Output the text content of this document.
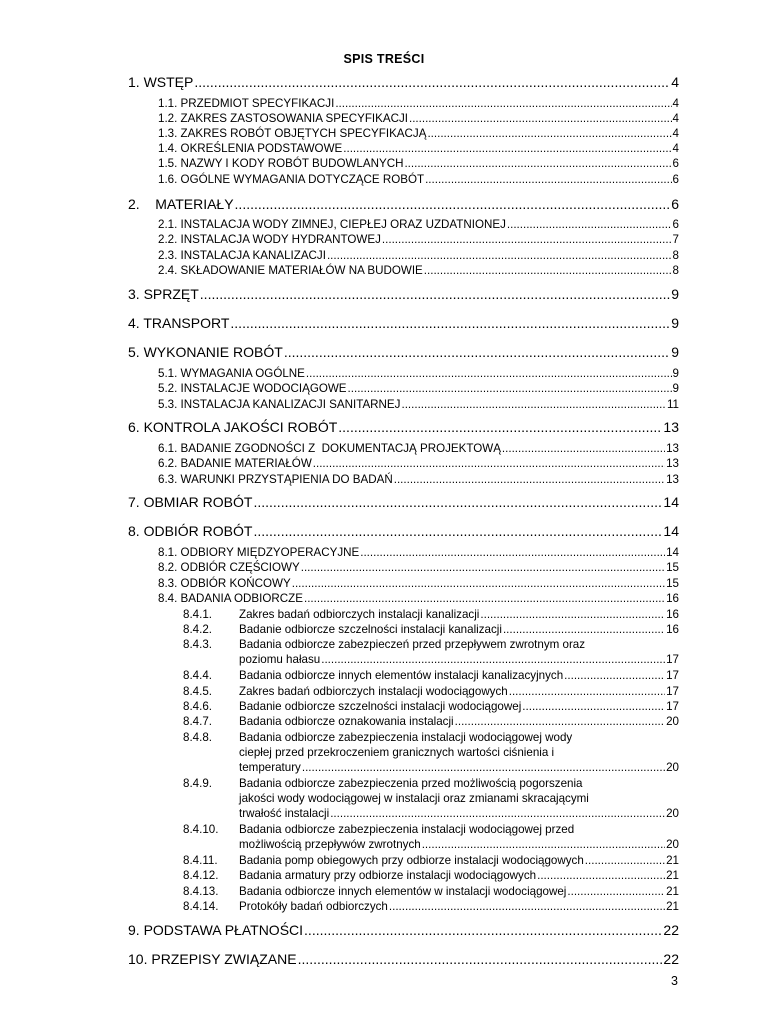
SPIS TREŚCI
1. WSTĘP .....	4
1.1. PRZEDMIOT SPECYFIKACJI .....	4
1.2. ZAKRES ZASTOSOWANIA SPECYFIKACJI .....	4
1.3. ZAKRES ROBÓT OBJĘTYCH SPECYFIKACJĄ .....	4
1.4. OKREŚLENIA PODSTAWOWE .....	4
1.5. NAZWY I KODY ROBÓT BUDOWLANYCH .....	6
1.6. OGÓLNE WYMAGANIA DOTYCZĄCE ROBÓT .....	6
2.    MATERIAŁY .....	6
2.1. INSTALACJA WODY ZIMNEJ, CIEPŁEJ ORAZ UZDATNIONEJ .....	6
2.2. INSTALACJA WODY HYDRANTOWEJ .....	7
2.3. INSTALACJA KANALIZACJI .....	8
2.4. SKŁADOWANIE MATERIAŁÓW NA BUDOWIE .....	8
3. SPRZĘT .....	9
4. TRANSPORT .....	9
5. WYKONANIE ROBÓT .....	9
5.1. WYMAGANIA OGÓLNE .....	9
5.2. INSTALACJE WODOCIĄGOWE .....	9
5.3. INSTALACJA KANALIZACJI SANITARNEJ .....	11
6. KONTROLA JAKOŚCI ROBÓT .....	13
6.1. BADANIE ZGODNOŚCI Z  DOKUMENTACJĄ PROJEKTOWĄ .....	13
6.2. BADANIE MATERIAŁÓW .....	13
6.3. WARUNKI PRZYSTĄPIENIA DO BADAŃ .....	13
7. OBMIAR ROBÓT .....	14
8. ODBIÓR ROBÓT .....	14
8.1. ODBIORY MIĘDZYOPERACYJNE .....	14
8.2. ODBIÓR CZĘŚCIOWY .....	15
8.3. ODBIÓR KOŃCOWY .....	15
8.4. BADANIA ODBIORCZE .....	16
8.4.1. Zakres badań odbiorczych instalacji kanalizacji .....	16
8.4.2. Badanie odbiorcze szczelności instalacji kanalizacji .....	16
8.4.3. Badania odbiorcze zabezpieczeń przed przepływem zwrotnym oraz
poziomu hałasu .....	17
8.4.4. Badania odbiorcze innych elementów instalacji kanalizacyjnych .....	17
8.4.5. Zakres badań odbiorczych instalacji wodociągowych .....	17
8.4.6. Badanie odbiorcze szczelności instalacji wodociągowej .....	17
8.4.7. Badania odbiorcze oznakowania instalacji .....	20
8.4.8. Badania odbiorcze zabezpieczenia instalacji wodociągowej wody
ciepłej przed przekroczeniem granicznych wartości ciśnienia i
temperatury .....	20
8.4.9. Badania odbiorcze zabezpieczenia przed możliwością pogorszenia
jakości wody wodociągowej w instalacji oraz zmianami skracającymi
trwałość instalacji .....	20
8.4.10. Badania odbiorcze zabezpieczenia instalacji wodociągowej przed
możliwością przepływów zwrotnych .....	20
8.4.11. Badania pomp obiegowych przy odbiorze instalacji wodociągowych .....	21
8.4.12. Badania armatury przy odbiorze instalacji wodociągowych .....	21
8.4.13. Badania odbiorcze innych elementów w instalacji wodociągowej .....	21
8.4.14. Protokóły badań odbiorczych .....	21
9. PODSTAWA PŁATNOŚCI .....	22
10. PRZEPISY ZWIĄZANE .....	22
3
